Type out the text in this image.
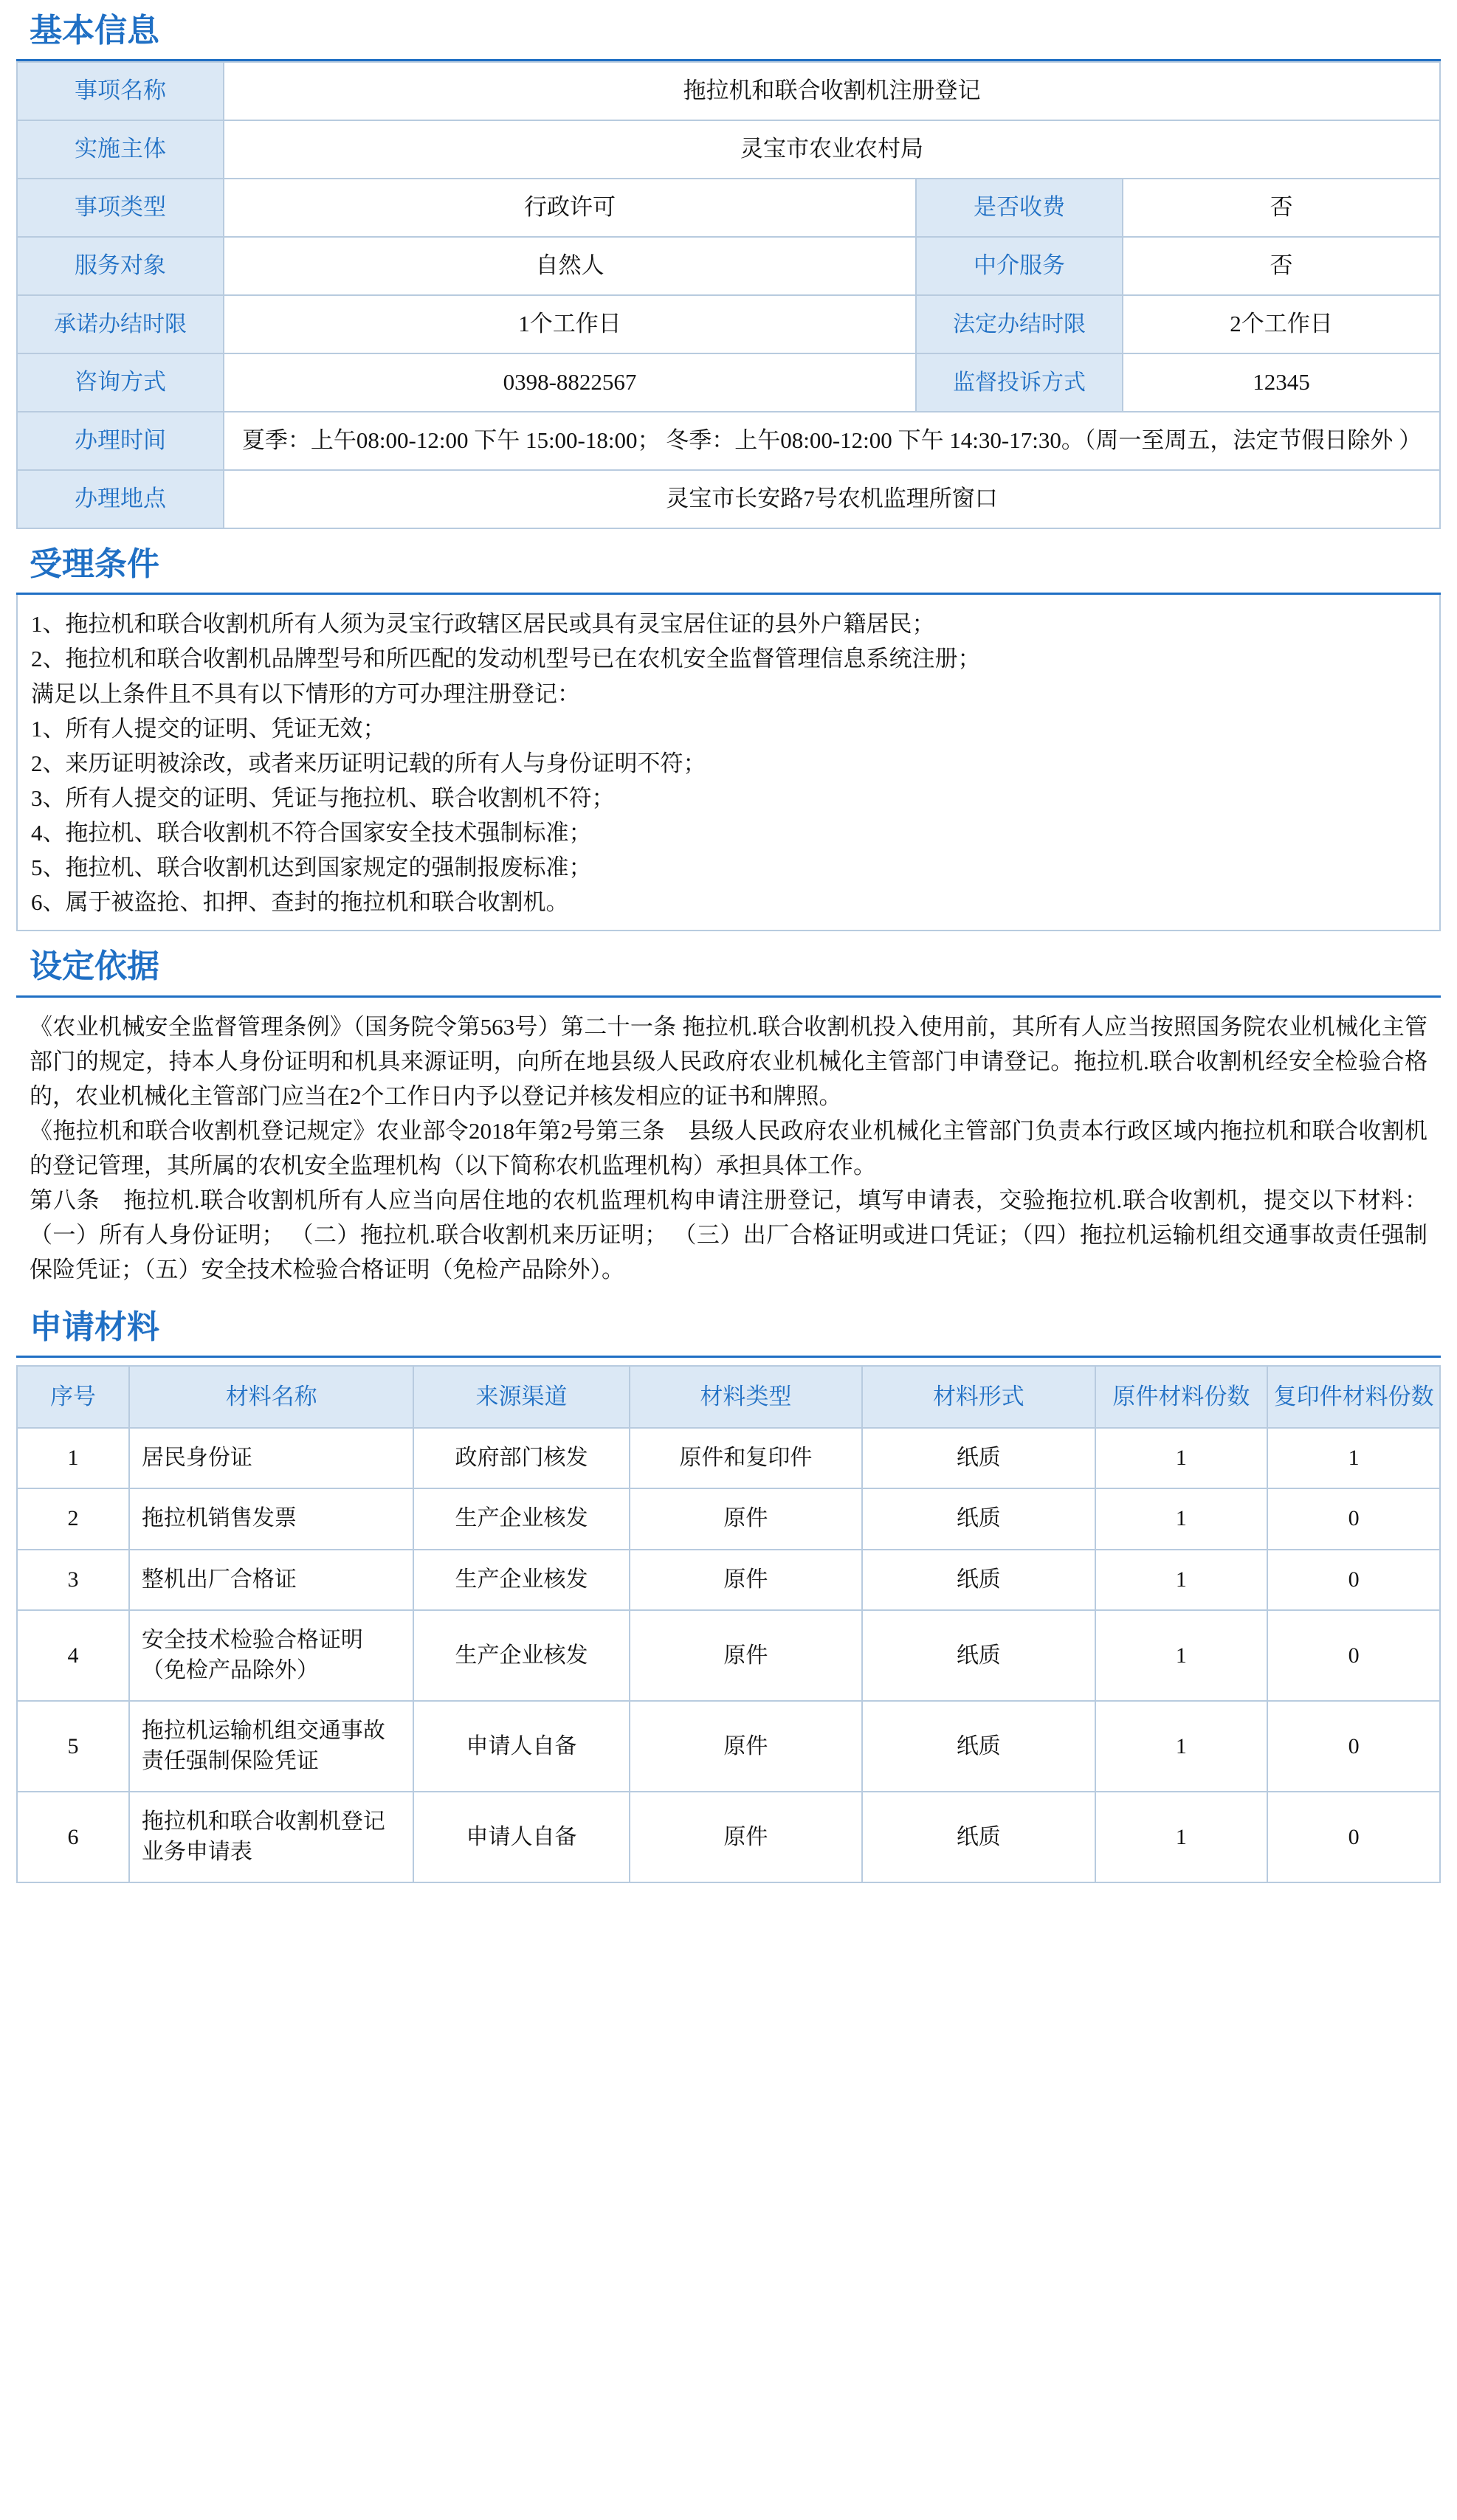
基本信息
事项名称	拖拉机和联合收割机注册登记		
实施主体	灵宝市农业农村局		
事项类型	行政许可	是否收费	否
服务对象	自然人	中介服务	否
承诺办结时限	1个工作日	法定办结时限	2个工作日
咨询方式	0398-8822567	监督投诉方式	12345
办理时间	夏季：上午08:00-12:00 下午 15:00-18:00； 冬季：上午08:00-12:00 下午 14:30-17:30。（周一至周五，法定节假日除外 ）		
办理地点	灵宝市长安路7号农机监理所窗口		
受理条件

1、拖拉机和联合收割机所有人须为灵宝行政辖区居民或具有灵宝居住证的县外户籍居民；

2、拖拉机和联合收割机品牌型号和所匹配的发动机型号已在农机安全监督管理信息系统注册；

满足以上条件且不具有以下情形的方可办理注册登记：

1、所有人提交的证明、凭证无效；

2、来历证明被涂改，或者来历证明记载的所有人与身份证明不符；

3、所有人提交的证明、凭证与拖拉机、联合收割机不符；

4、拖拉机、联合收割机不符合国家安全技术强制标准；

5、拖拉机、联合收割机达到国家规定的强制报废标准；

6、属于被盗抢、扣押、查封的拖拉机和联合收割机。

设定依据

《农业机械安全监督管理条例》（国务院令第563号）第二十一条 拖拉机.联合收割机投入使用前，其所有人应当按照国务院农业机械化主管部门的规定，持本人身份证明和机具来源证明，向所在地县级人民政府农业机械化主管部门申请登记。拖拉机.联合收割机经安全检验合格的，农业机械化主管部门应当在2个工作日内予以登记并核发相应的证书和牌照。

《拖拉机和联合收割机登记规定》农业部令2018年第2号第三条　县级人民政府农业机械化主管部门负责本行政区域内拖拉机和联合收割机的登记管理，其所属的农机安全监理机构（以下简称农机监理机构）承担具体工作。

第八条　拖拉机.联合收割机所有人应当向居住地的农机监理机构申请注册登记，填写申请表，交验拖拉机.联合收割机，提交以下材料：（一）所有人身份证明； （二）拖拉机.联合收割机来历证明； （三）出厂合格证明或进口凭证；（四）拖拉机运输机组交通事故责任强制保险凭证；（五）安全技术检验合格证明（免检产品除外）。

申请材料
序号	材料名称	来源渠道	材料类型	材料形式	原件材料份数	复印件材料份数
1	居民身份证	政府部门核发	原件和复印件	纸质	1	1
2	拖拉机销售发票	生产企业核发	原件	纸质	1	0
3	整机出厂合格证	生产企业核发	原件	纸质	1	0
4	安全技术检验合格证明（免检产品除外）	生产企业核发	原件	纸质	1	0
5	拖拉机运输机组交通事故责任强制保险凭证	申请人自备	原件	纸质	1	0
6	拖拉机和联合收割机登记业务申请表	申请人自备	原件	纸质	1	0
